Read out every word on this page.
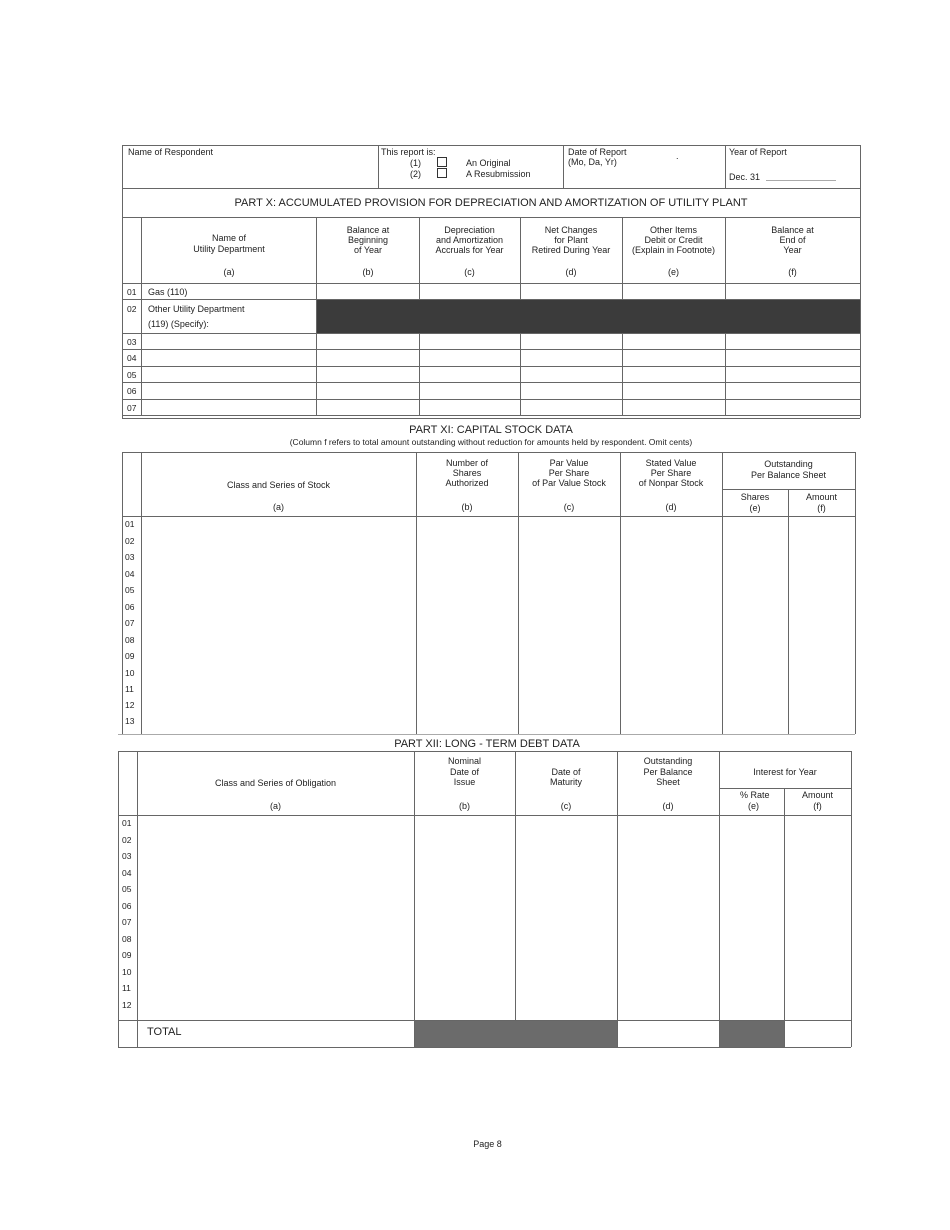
Name of Respondent	This report is:
(1)	An Original
(2)	A Resubmission
Date of Report
(Mo, Da, Yr)
.	Year of Report
Dec. 31
PART X: ACCUMULATED PROVISION FOR DEPRECIATION AND AMORTIZATION OF UTILITY PLANT
Name of
Utility Department
(a)
Balance at
Beginning
of Year
(b)
Depreciation
and Amortization
Accruals for Year
(c)
Net Changes
for Plant
Retired During Year
(d)
Other Items
Debit or Credit
(Explain in Footnote)
(e)
Balance at
End of
Year
(f)
01 Gas (110)
02 Other Utility Department
(119) (Specify):
03
04
05
06
07
PART XI: CAPITAL STOCK DATA
(Column f refers to total amount outstanding without reduction for amounts held by respondent. Omit cents)
Class and Series of Stock
(a)
Number of
Shares
Authorized
(b)
Par Value
Per Share
of Par Value Stock
(c)
Stated Value
Per Share
of Nonpar Stock
(d)
Outstanding
Per Balance Sheet
Shares
(e)
Amount
(f)
01
02
03
04
05
06
07
08
09
10
11
12
13
PART XII: LONG - TERM DEBT DATA
Class and Series of Obligation
(a)
Nominal
Date of
Issue
(b)
Date of
Maturity
(c)
Outstanding
Per Balance
Sheet
(d)
Interest for Year
% Rate
(e)
Amount
(f)
01
02
03
04
05
06
07
08
09
10
11
12
TOTAL
Page 8
